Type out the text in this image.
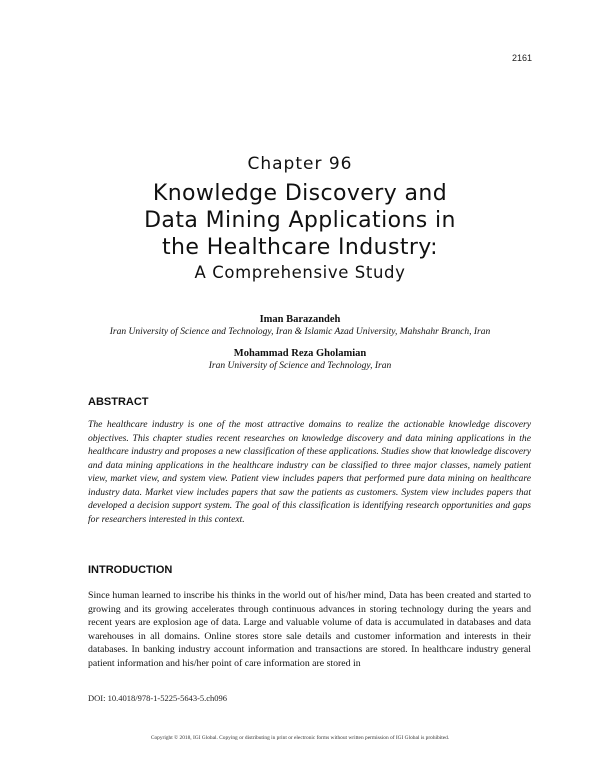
2161
Chapter 96
Knowledge Discovery and
Data Mining Applications in
the Healthcare Industry:
A Comprehensive Study
Iman Barazandeh
Iran University of Science and Technology, Iran & Islamic Azad University, Mahshahr Branch, Iran
Mohammad Reza Gholamian
Iran University of Science and Technology, Iran
ABSTRACT
The healthcare industry is one of the most attractive domains to realize the actionable knowledge discovery objectives. This chapter studies recent researches on knowledge discovery and data mining applications in the healthcare industry and proposes a new classification of these applications. Studies show that knowledge discovery and data mining applications in the healthcare industry can be classified to three major classes, namely patient view, market view, and system view. Patient view includes papers that performed pure data mining on healthcare industry data. Market view includes papers that saw the patients as customers. System view includes papers that developed a decision support system. The goal of this classification is identifying research opportunities and gaps for researchers interested in this context.
INTRODUCTION
Since human learned to inscribe his thinks in the world out of his/her mind, Data has been created and started to growing and its growing accelerates through continuous advances in storing technology during the years and recent years are explosion age of data. Large and valuable volume of data is accumulated in databases and data warehouses in all domains. Online stores store sale details and customer information and interests in their databases. In banking industry account information and transactions are stored. In healthcare industry general patient information and his/her point of care information are stored in
DOI: 10.4018/978-1-5225-5643-5.ch096
Copyright © 2018, IGI Global. Copying or distributing in print or electronic forms without written permission of IGI Global is prohibited.
